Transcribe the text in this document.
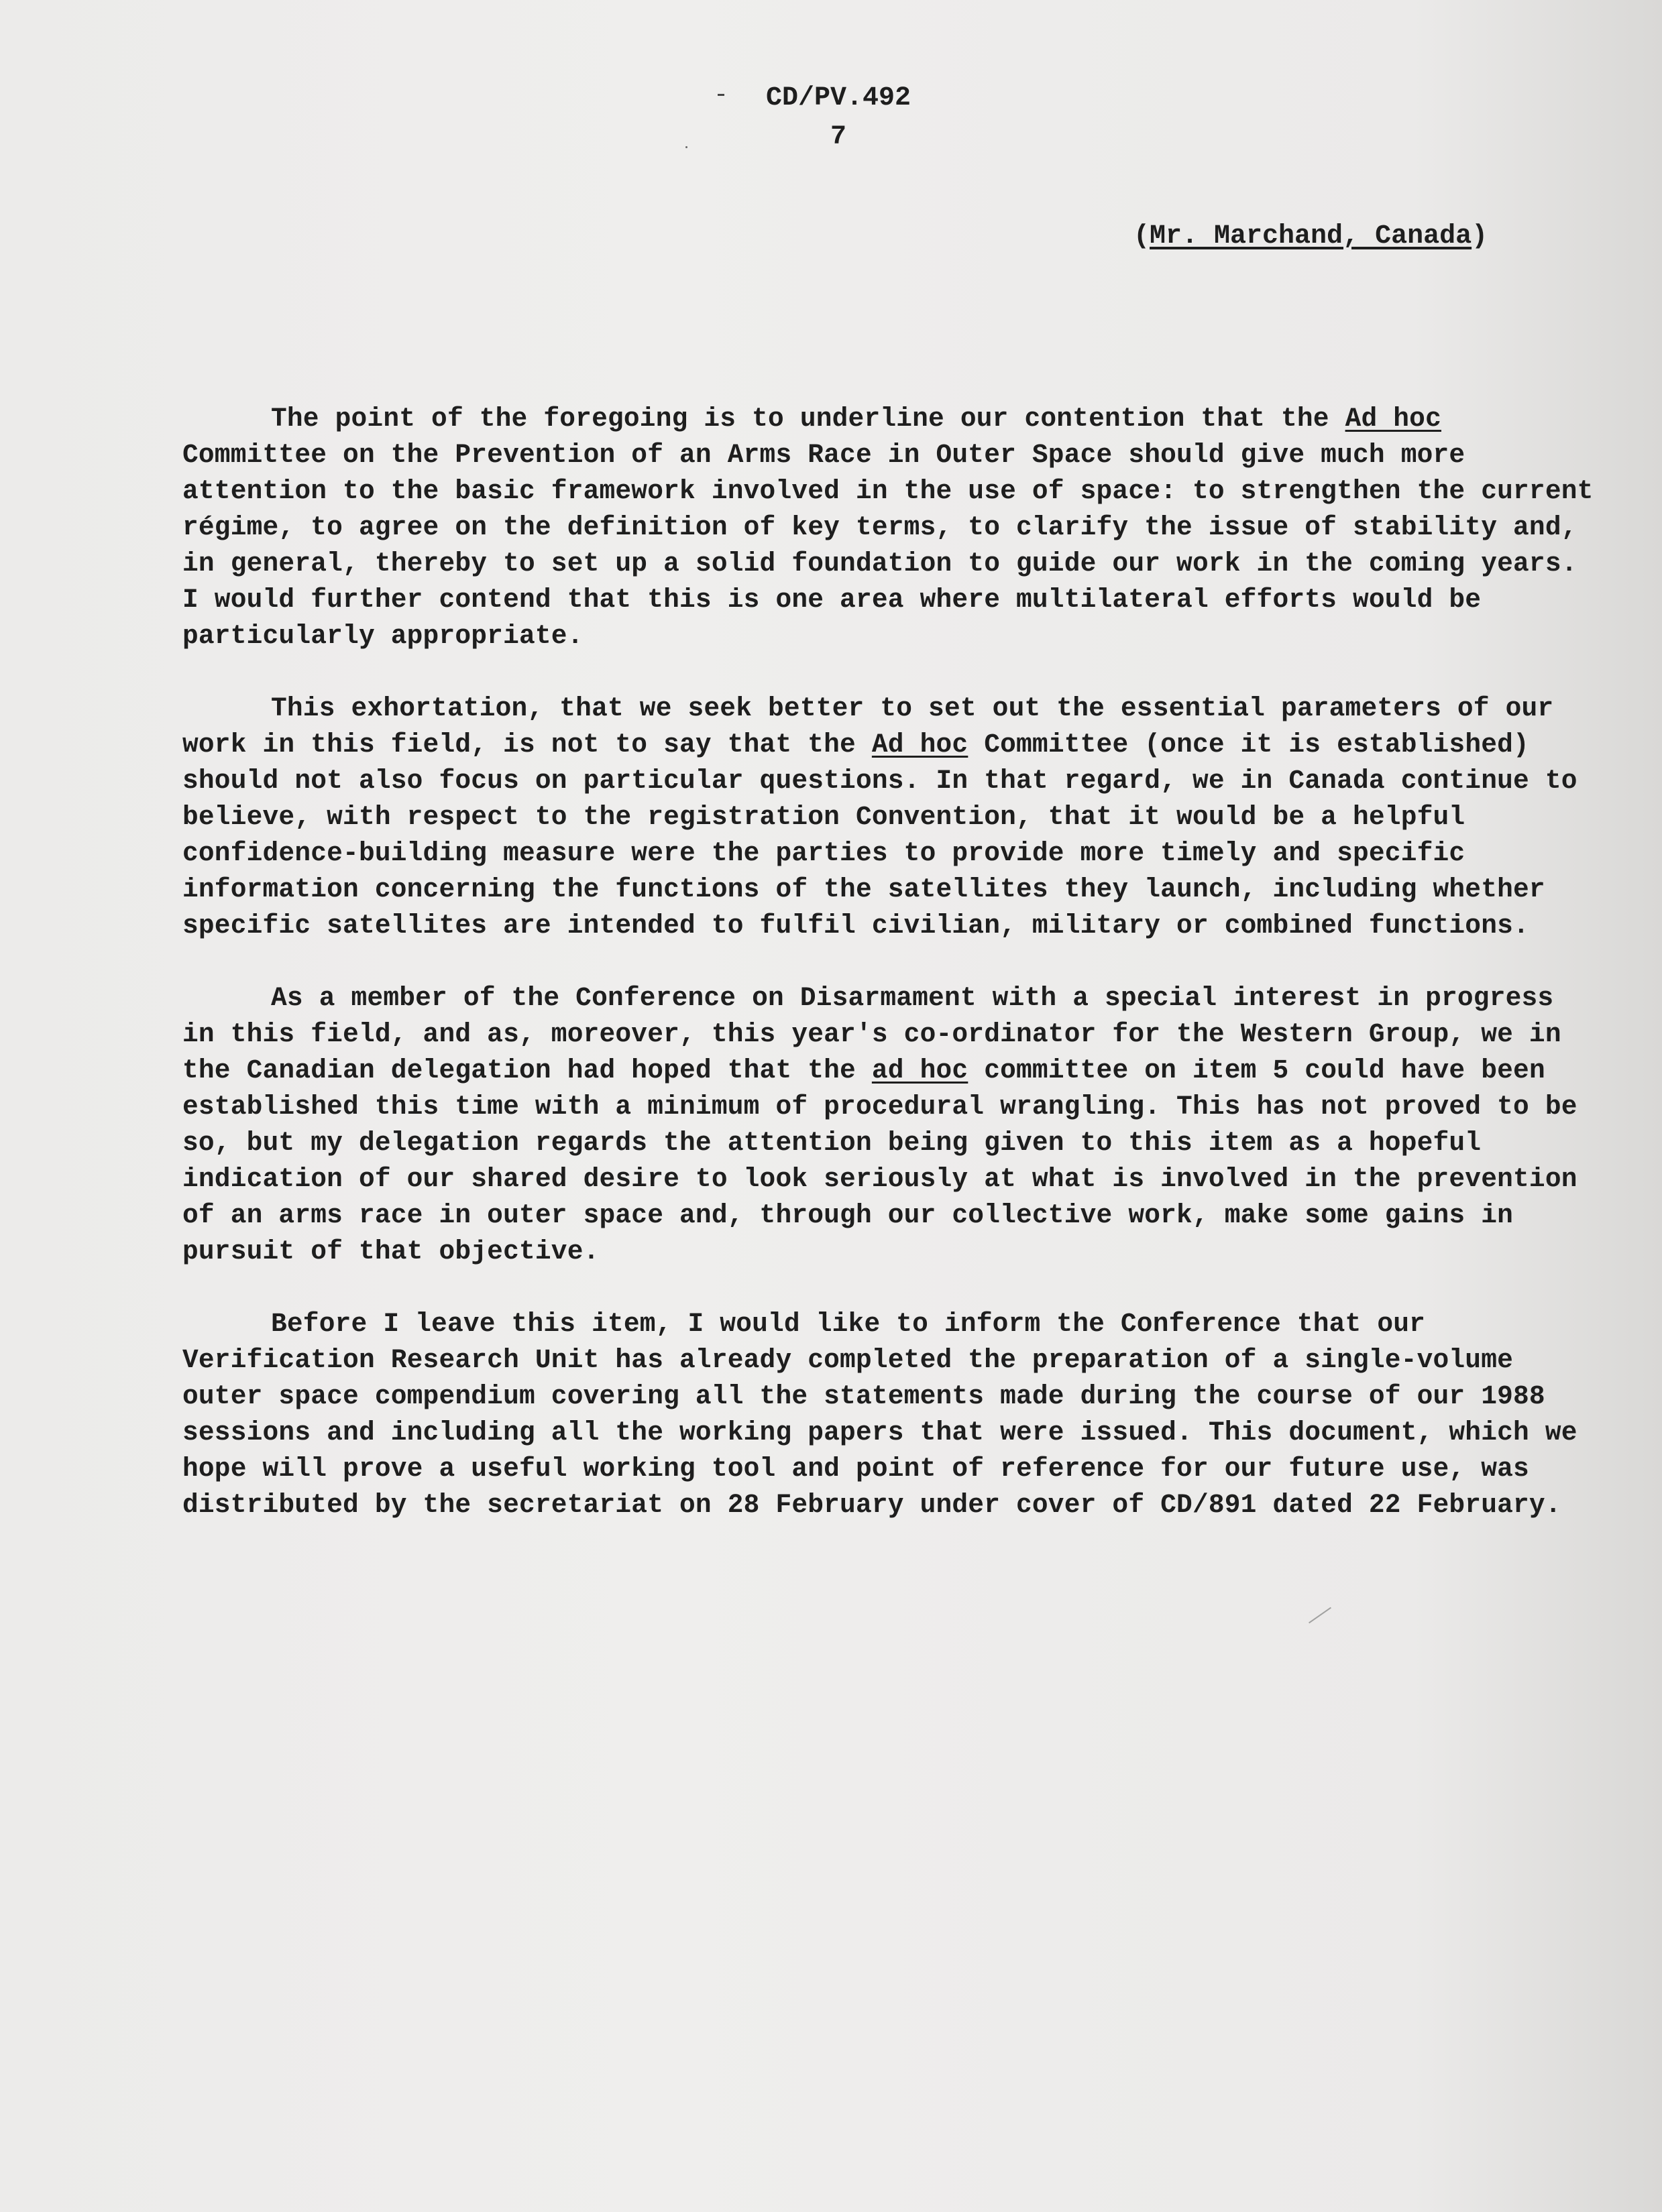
CD/PV.492
7
(Mr. Marchand, Canada)

The point of the foregoing is to underline our contention that the Ad hoc Committee on the Prevention of an Arms Race in Outer Space should give much more attention to the basic framework involved in the use of space: to strengthen the current régime, to agree on the definition of key terms, to clarify the issue of stability and, in general, thereby to set up a solid foundation to guide our work in the coming years. I would further contend that this is one area where multilateral efforts would be particularly appropriate.

This exhortation, that we seek better to set out the essential parameters of our work in this field, is not to say that the Ad hoc Committee (once it is established) should not also focus on particular questions. In that regard, we in Canada continue to believe, with respect to the registration Convention, that it would be a helpful confidence-building measure were the parties to provide more timely and specific information concerning the functions of the satellites they launch, including whether specific satellites are intended to fulfil civilian, military or combined functions.

As a member of the Conference on Disarmament with a special interest in progress in this field, and as, moreover, this year's co-ordinator for the Western Group, we in the Canadian delegation had hoped that the ad hoc committee on item 5 could have been established this time with a minimum of procedural wrangling. This has not proved to be so, but my delegation regards the attention being given to this item as a hopeful indication of our shared desire to look seriously at what is involved in the prevention of an arms race in outer space and, through our collective work, make some gains in pursuit of that objective.

Before I leave this item, I would like to inform the Conference that our Verification Research Unit has already completed the preparation of a single-volume outer space compendium covering all the statements made during the course of our 1988 sessions and including all the working papers that were issued. This document, which we hope will prove a useful working tool and point of reference for our future use, was distributed by the secretariat on 28 February under cover of CD/891 dated 22 February.
